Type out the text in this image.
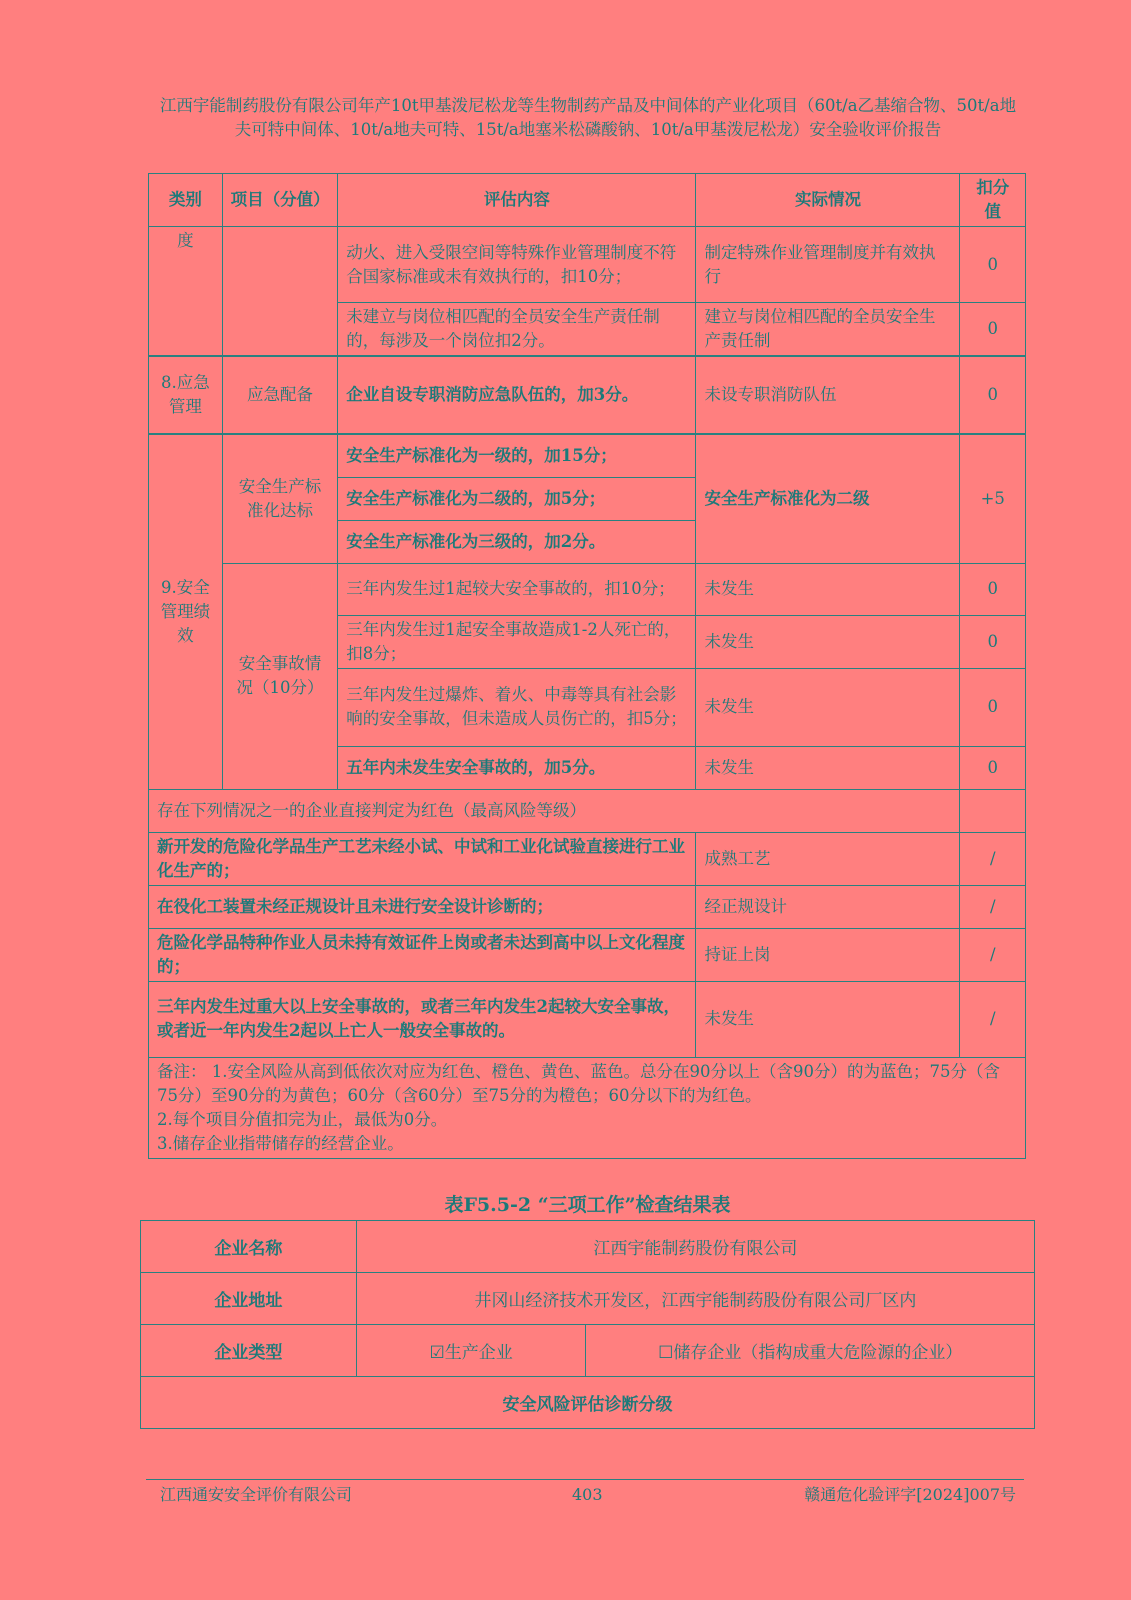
江西宇能制药股份有限公司年产10t甲基泼尼松龙等生物制药产品及中间体的产业化项目（60t/a乙基缩合物、50t/a地夫可特中间体、10t/a地夫可特、15t/a地塞米松磷酸钠、10t/a甲基泼尼松龙）安全验收评价报告
类别	项目（分值）	评估内容	实际情况	扣分值
度		动火、进入受限空间等特殊作业管理制度不符合国家标准或未有效执行的，扣10分；	制定特殊作业管理制度并有效执行	0
		未建立与岗位相匹配的全员安全生产责任制的，每涉及一个岗位扣2分。	建立与岗位相匹配的全员安全生产责任制	0
8.应急管理	应急配备	企业自设专职消防应急队伍的，加3分。	未设专职消防队伍	0
9.安全管理绩效	安全生产标准化达标	安全生产标准化为一级的，加15分；	安全生产标准化为二级	+5
		安全生产标准化为二级的，加5分；		
		安全生产标准化为三级的，加2分。		
	安全事故情况（10分）	三年内发生过1起较大安全事故的，扣10分；	未发生	0
		三年内发生过1起安全事故造成1-2人死亡的，扣8分；	未发生	0
		三年内发生过爆炸、着火、中毒等具有社会影响的安全事故，但未造成人员伤亡的，扣5分；	未发生	0
		五年内未发生安全事故的，加5分。	未发生	0
存在下列情况之一的企业直接判定为红色（最高风险等级）				
新开发的危险化学品生产工艺未经小试、中试和工业化试验直接进行工业化生产的；			成熟工艺	/
在役化工装置未经正规设计且未进行安全设计诊断的；			经正规设计	/
危险化学品特种作业人员未持有效证件上岗或者未达到高中以上文化程度的；			持证上岗	/
三年内发生过重大以上安全事故的，或者三年内发生2起较大安全事故，或者近一年内发生2起以上亡人一般安全事故的。			未发生	/

备注： 1.安全风险从高到低依次对应为红色、橙色、黄色、蓝色。总分在90分以上（含90分）的为蓝色；75分（含75分）至90分的为黄色；60分（含60分）至75分的为橙色；60分以下的为红色。
2.每个项目分值扣完为止，最低为0分。
3.储存企业指带储存的经营企业。				
表F5.5-2 “三项工作”检查结果表
企业名称	江西宇能制药股份有限公司	
企业地址	井冈山经济技术开发区，江西宇能制药股份有限公司厂区内	
企业类型	☑生产企业	☐储存企业（指构成重大危险源的企业）
安全风险评估诊断分级		
江西通安安全评价有限公司	403	赣通危化验评字[2024]007号
